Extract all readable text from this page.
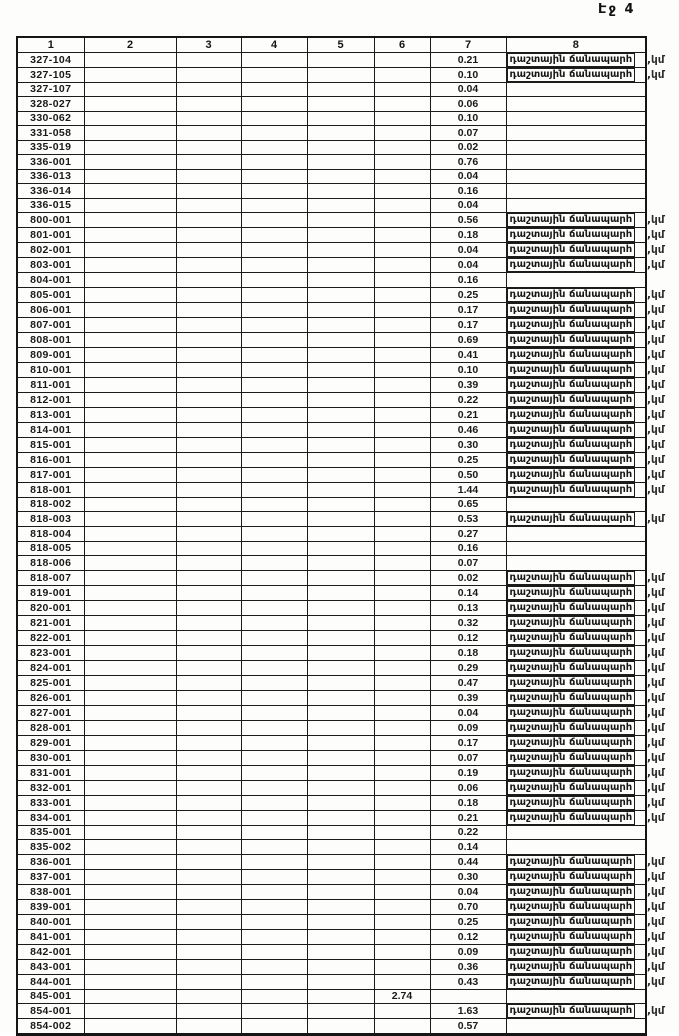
Էջ 4
1	2	3	4	5	6	7	8	
327-104						0.21	դաշտային ճանապարհ	,կմ
327-105						0.10	դաշտային ճանապարհ	,կմ
327-107						0.04		
328-027						0.06		
330-062						0.10		
331-058						0.07		
335-019						0.02		
336-001						0.76		
336-013						0.04		
336-014						0.16		
336-015						0.04		
800-001						0.56	դաշտային ճանապարհ	,կմ
801-001						0.18	դաշտային ճանապարհ	,կմ
802-001						0.04	դաշտային ճանապարհ	,կմ
803-001						0.04	դաշտային ճանապարհ	,կմ
804-001						0.16		
805-001						0.25	դաշտային ճանապարհ	,կմ
806-001						0.17	դաշտային ճանապարհ	,կմ
807-001						0.17	դաշտային ճանապարհ	,կմ
808-001						0.69	դաշտային ճանապարհ	,կմ
809-001						0.41	դաշտային ճանապարհ	,կմ
810-001						0.10	դաշտային ճանապարհ	,կմ
811-001						0.39	դաշտային ճանապարհ	,կմ
812-001						0.22	դաշտային ճանապարհ	,կմ
813-001						0.21	դաշտային ճանապարհ	,կմ
814-001						0.46	դաշտային ճանապարհ	,կմ
815-001						0.30	դաշտային ճանապարհ	,կմ
816-001						0.25	դաշտային ճանապարհ	,կմ
817-001						0.50	դաշտային ճանապարհ	,կմ
818-001						1.44	դաշտային ճանապարհ	,կմ
818-002						0.65		
818-003						0.53	դաշտային ճանապարհ	,կմ
818-004						0.27		
818-005						0.16		
818-006						0.07		
818-007						0.02	դաշտային ճանապարհ	,կմ
819-001						0.14	դաշտային ճանապարհ	,կմ
820-001						0.13	դաշտային ճանապարհ	,կմ
821-001						0.32	դաշտային ճանապարհ	,կմ
822-001						0.12	դաշտային ճանապարհ	,կմ
823-001						0.18	դաշտային ճանապարհ	,կմ
824-001						0.29	դաշտային ճանապարհ	,կմ
825-001						0.47	դաշտային ճանապարհ	,կմ
826-001						0.39	դաշտային ճանապարհ	,կմ
827-001						0.04	դաշտային ճանապարհ	,կմ
828-001						0.09	դաշտային ճանապարհ	,կմ
829-001						0.17	դաշտային ճանապարհ	,կմ
830-001						0.07	դաշտային ճանապարհ	,կմ
831-001						0.19	դաշտային ճանապարհ	,կմ
832-001						0.06	դաշտային ճանապարհ	,կմ
833-001						0.18	դաշտային ճանապարհ	,կմ
834-001						0.21	դաշտային ճանապարհ	,կմ
835-001						0.22		
835-002						0.14		
836-001						0.44	դաշտային ճանապարհ	,կմ
837-001						0.30	դաշտային ճանապարհ	,կմ
838-001						0.04	դաշտային ճանապարհ	,կմ
839-001						0.70	դաշտային ճանապարհ	,կմ
840-001						0.25	դաշտային ճանապարհ	,կմ
841-001						0.12	դաշտային ճանապարհ	,կմ
842-001						0.09	դաշտային ճանապարհ	,կմ
843-001						0.36	դաշտային ճանապարհ	,կմ
844-001						0.43	դաշտային ճանապարհ	,կմ
845-001					2.74			
854-001						1.63	դաշտային ճանապարհ	,կմ
854-002						0.57		
